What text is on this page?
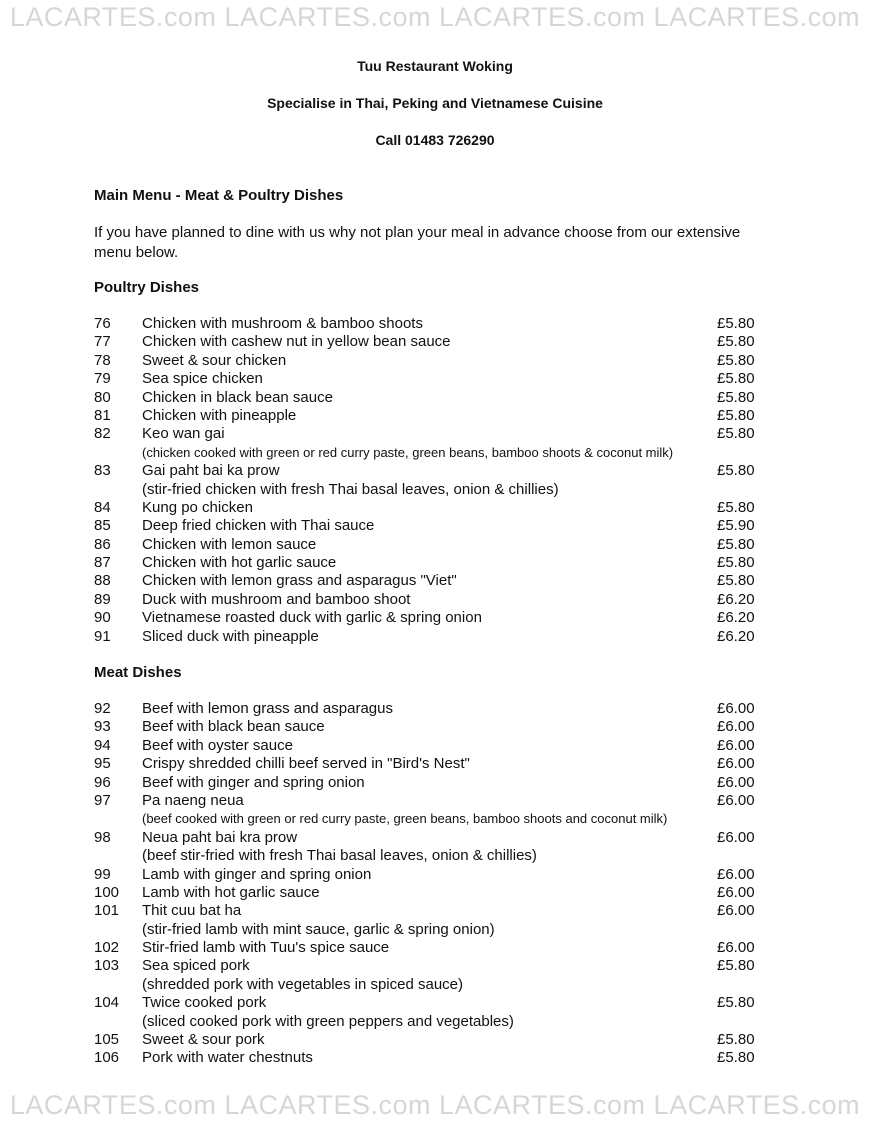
LACARTES.com LACARTES.com LACARTES.com LACARTES.com
Tuu Restaurant Woking
Specialise in Thai, Peking and Vietnamese Cuisine
Call 01483 726290
Main Menu - Meat & Poultry Dishes
If you have planned to dine with us why not plan your meal in advance choose from our extensive menu below.
Poultry Dishes
76 Chicken with mushroom & bamboo shoots	£5.80
77 Chicken with cashew nut in yellow bean sauce	£5.80
78 Sweet & sour chicken	£5.80
79 Sea spice chicken	£5.80
80 Chicken in black bean sauce	£5.80
81 Chicken with pineapple	£5.80
82 Keo wan gai	£5.80
(chicken cooked with green or red curry paste, green beans, bamboo shoots & coconut milk)
83 Gai paht bai ka prow	£5.80
(stir-fried chicken with fresh Thai basal leaves, onion & chillies)
84 Kung po chicken	£5.80
85 Deep fried chicken with Thai sauce	£5.90
86 Chicken with lemon sauce	£5.80
87 Chicken with hot garlic sauce	£5.80
88 Chicken with lemon grass and asparagus "Viet"	£5.80
89 Duck with mushroom and bamboo shoot	£6.20
90 Vietnamese roasted duck with garlic & spring onion	£6.20
91 Sliced duck with pineapple	£6.20
Meat Dishes
92 Beef with lemon grass and asparagus	£6.00
93 Beef with black bean sauce	£6.00
94 Beef with oyster sauce	£6.00
95 Crispy shredded chilli beef served in "Bird's Nest"	£6.00
96 Beef with ginger and spring onion	£6.00
97 Pa naeng neua	£6.00
(beef cooked with green or red curry paste, green beans, bamboo shoots and coconut milk)
98 Neua paht bai kra prow	£6.00
(beef stir-fried with fresh Thai basal leaves, onion & chillies)
99 Lamb with ginger and spring onion	£6.00
100 Lamb with hot garlic sauce	£6.00
101 Thit cuu bat ha	£6.00
(stir-fried lamb with mint sauce, garlic & spring onion)
102 Stir-fried lamb with Tuu's spice sauce	£6.00
103 Sea spiced pork	£5.80
(shredded pork with vegetables in spiced sauce)
104 Twice cooked pork	£5.80
(sliced cooked pork with green peppers and vegetables)
105 Sweet & sour pork	£5.80
106 Pork with water chestnuts	£5.80
LACARTES.com LACARTES.com LACARTES.com LACARTES.com
